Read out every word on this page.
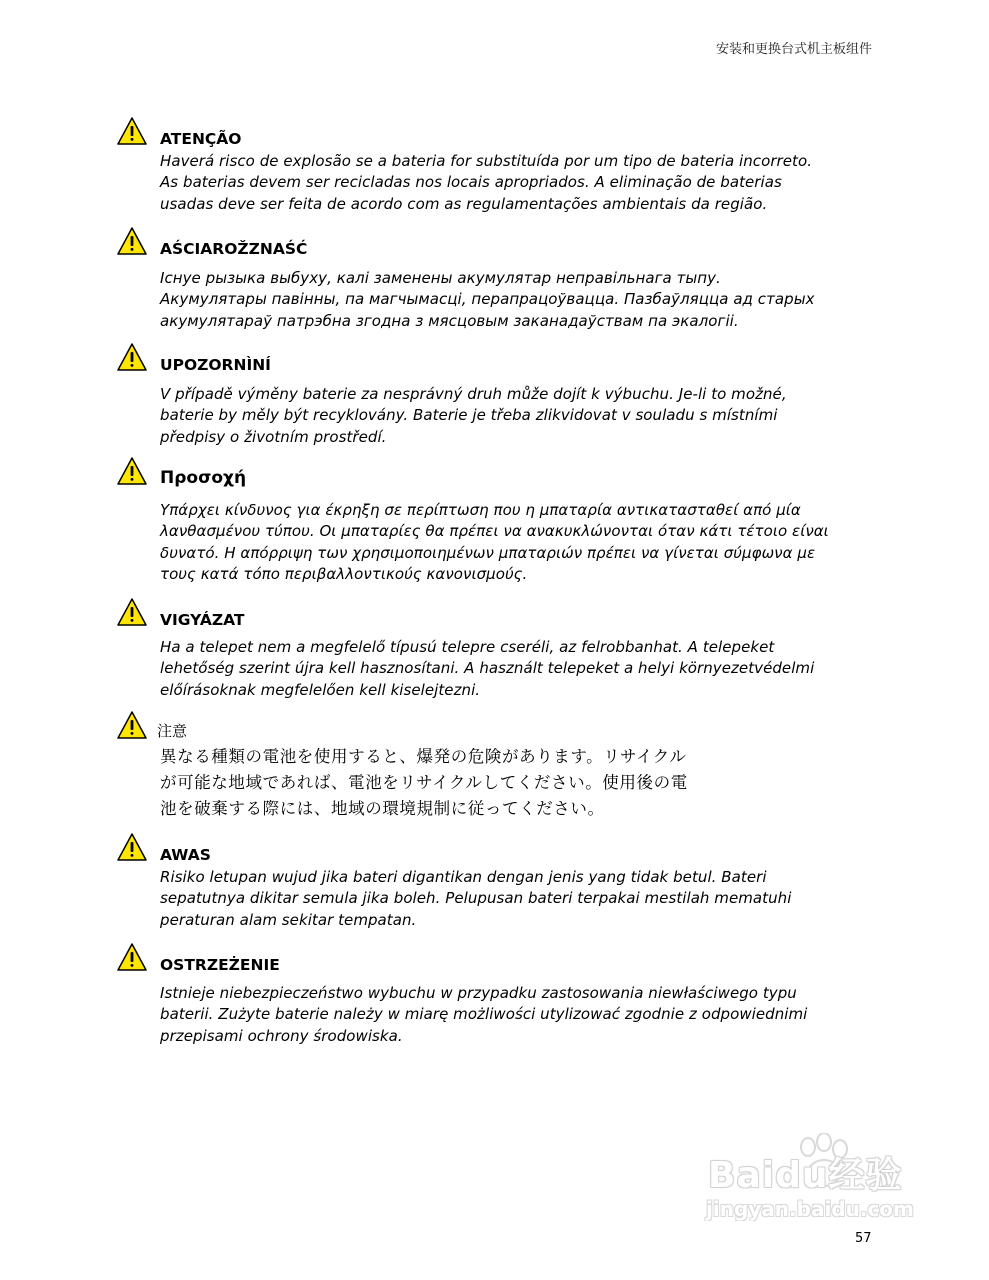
安装和更换台式机主板组件
ATENÇÃO
Haverá risco de explosão se a bateria for substituída por um tipo de bateria incorreto.
As baterias devem ser recicladas nos locais apropriados. A eliminação de baterias
usadas deve ser feita de acordo com as regulamentações ambientais da região.
AŚCIAROŽZNAŚĆ
Існуе рызыка выбуху, калі заменены акумулятар неправільнага тыпу.
Акумулятары павінны, па магчымасці, перапрацоўвацца. Пазбаўляцца ад старых
акумулятараў патрэбна згодна з мясцовым заканадаўствам па экалогіі.
UPOZORNÌNÍ
V případě výměny baterie za nesprávný druh může dojít k výbuchu. Je-li to možné,
baterie by měly být recyklovány. Baterie je třeba zlikvidovat v souladu s místními
předpisy o životním prostředí.
Προσοχή
Υπάρχει κίνδυνος για έκρηξη σε περίπτωση που η μπαταρία αντικατασταθεί από μία
λανθασμένου τύπου. Οι μπαταρίες θα πρέπει να ανακυκλώνονται όταν κάτι τέτοιο είναι
δυνατό. Η απόρριψη των χρησιμοποιημένων μπαταριών πρέπει να γίνεται σύμφωνα με
τους κατά τόπο περιβαλλοντικούς κανονισμούς.
VIGYÁZAT
Ha a telepet nem a megfelelő típusú telepre cseréli, az felrobbanhat. A telepeket
lehetőség szerint újra kell hasznosítani. A használt telepeket a helyi környezetvédelmi
előírásoknak megfelelően kell kiselejtezni.
注意
異なる種類の電池を使用すると、爆発の危険があります。リサイクル
が可能な地域であれば、電池をリサイクルしてください。使用後の電
池を破棄する際には、地域の環境規制に従ってください。
AWAS
Risiko letupan wujud jika bateri digantikan dengan jenis yang tidak betul. Bateri
sepatutnya dikitar semula jika boleh. Pelupusan bateri terpakai mestilah mematuhi
peraturan alam sekitar tempatan.
OSTRZEŻENIE
Istnieje niebezpieczeństwo wybuchu w przypadku zastosowania niewłaściwego typu
baterii. Zużyte baterie należy w miarę możliwości utylizować zgodnie z odpowiednimi
przepisami ochrony środowiska.
Baidu经验
jingyan.baidu.com
57
